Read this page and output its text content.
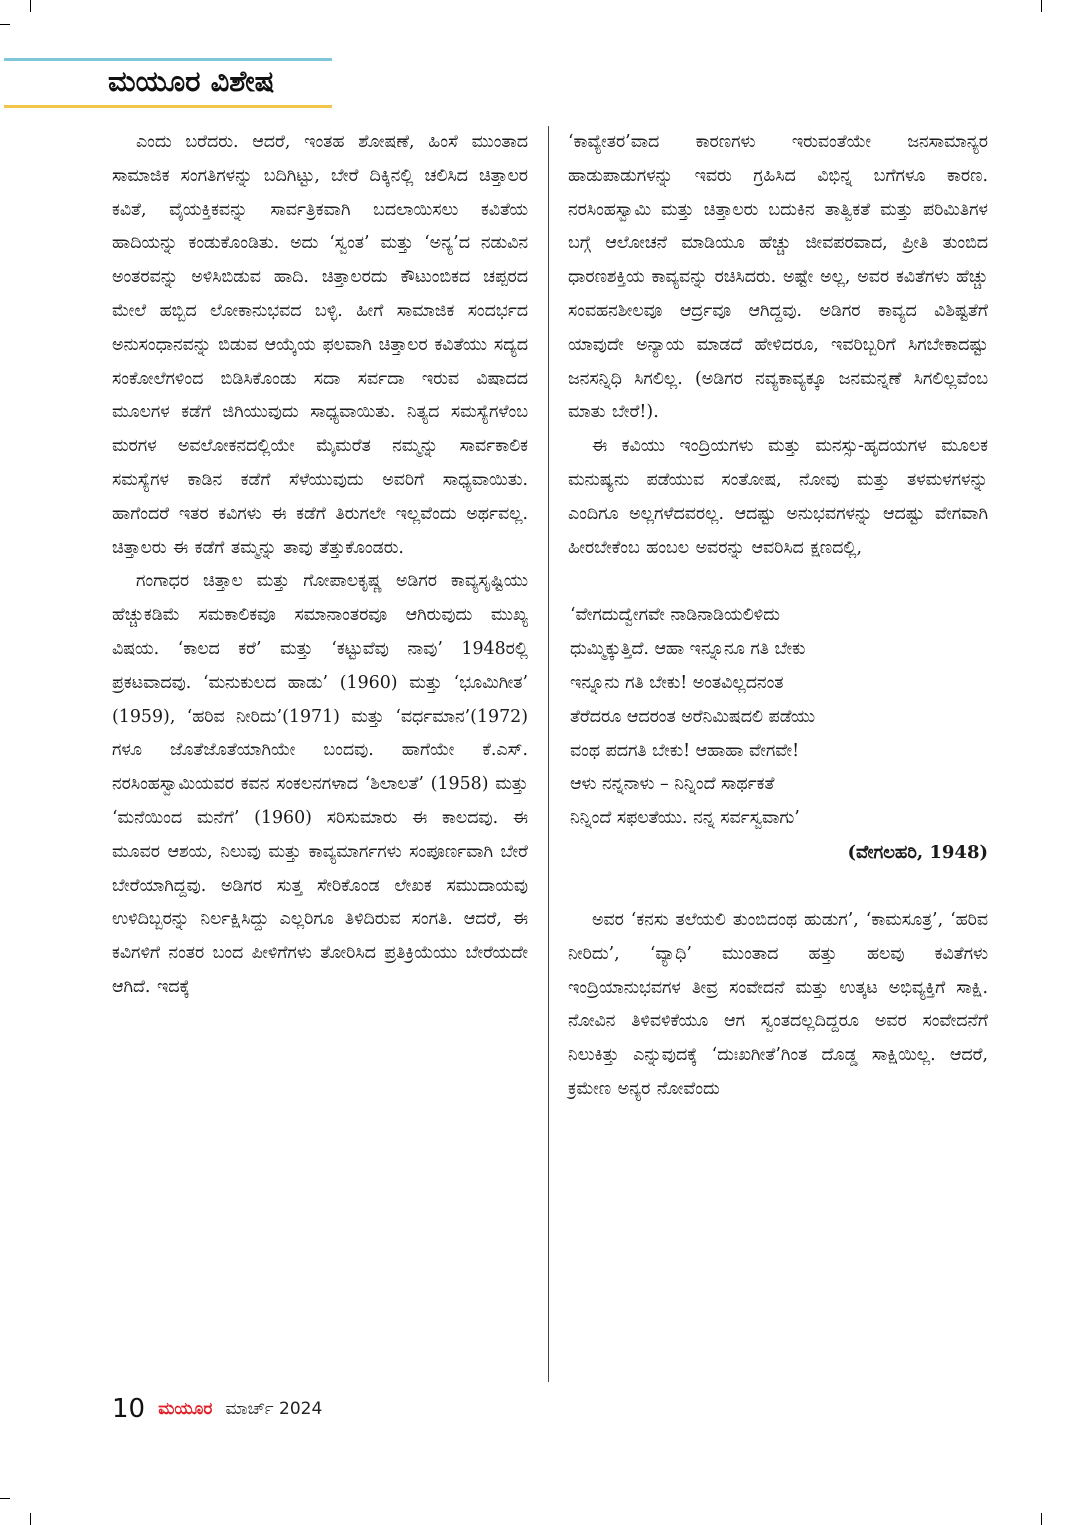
ಮಯೂರ ವಿಶೇಷ

ಎಂದು ಬರೆದರು. ಆದರೆ, ಇಂತಹ ಶೋಷಣೆ, ಹಿಂಸೆ ಮುಂತಾದ ಸಾಮಾಜಿಕ ಸಂಗತಿಗಳನ್ನು ಬದಿಗಿಟ್ಟು, ಬೇರೆ ದಿಕ್ಕಿನಲ್ಲಿ ಚಲಿಸಿದ ಚಿತ್ತಾಲರ ಕವಿತೆ, ವೈಯಕ್ತಿಕವನ್ನು ಸಾರ್ವತ್ರಿಕವಾಗಿ ಬದಲಾಯಿಸಲು ಕವಿತೆಯ ಹಾದಿಯನ್ನು ಕಂಡುಕೊಂಡಿತು. ಅದು ‘ಸ್ವಂತ’ ಮತ್ತು ‘ಅನ್ಯ’ದ ನಡುವಿನ ಅಂತರವನ್ನು ಅಳಿಸಿಬಿಡುವ ಹಾದಿ. ಚಿತ್ತಾಲರದು ಕೌಟುಂಬಿಕದ ಚಪ್ಪರದ ಮೇಲೆ ಹಬ್ಬಿದ ಲೋಕಾನುಭವದ ಬಳ್ಳಿ. ಹೀಗೆ ಸಾಮಾಜಿಕ ಸಂದರ್ಭದ ಅನುಸಂಧಾನವನ್ನು ಬಿಡುವ ಆಯ್ಕೆಯ ಫಲವಾಗಿ ಚಿತ್ತಾಲರ ಕವಿತೆಯು ಸದ್ಯದ ಸಂಕೋಲೆಗಳಿಂದ ಬಿಡಿಸಿಕೊಂಡು ಸದಾ ಸರ್ವದಾ ಇರುವ ವಿಷಾದದ ಮೂಲಗಳ ಕಡೆಗೆ ಜಿಗಿಯುವುದು ಸಾಧ್ಯವಾಯಿತು. ನಿತ್ಯದ ಸಮಸ್ಯೆಗಳೆಂಬ ಮರಗಳ ಅವಲೋಕನದಲ್ಲಿಯೇ ಮೈಮರೆತ ನಮ್ಮನ್ನು ಸಾರ್ವಕಾಲಿಕ ಸಮಸ್ಯೆಗಳ ಕಾಡಿನ ಕಡೆಗೆ ಸೆಳೆಯುವುದು ಅವರಿಗೆ ಸಾಧ್ಯವಾಯಿತು. ಹಾಗೆಂದರೆ ಇತರ ಕವಿಗಳು ಈ ಕಡೆಗೆ ತಿರುಗಲೇ ಇಲ್ಲವೆಂದು ಅರ್ಥವಲ್ಲ. ಚಿತ್ತಾಲರು ಈ ಕಡೆಗೆ ತಮ್ಮನ್ನು ತಾವು ತೆತ್ತುಕೊಂಡರು.

ಗಂಗಾಧರ ಚಿತ್ತಾಲ ಮತ್ತು ಗೋಪಾಲಕೃಷ್ಣ ಅಡಿಗರ ಕಾವ್ಯಸೃಷ್ಟಿಯು ಹೆಚ್ಚುಕಡಿಮೆ ಸಮಕಾಲಿಕವೂ ಸಮಾನಾಂತರವೂ ಆಗಿರುವುದು ಮುಖ್ಯ ವಿಷಯ. ‘ಕಾಲದ ಕರೆ’ ಮತ್ತು ‘ಕಟ್ಟುವೆವು ನಾವು’ 1948ರಲ್ಲಿ ಪ್ರಕಟವಾದವು. ‘ಮನುಕುಲದ ಹಾಡು’ (1960) ಮತ್ತು ‘ಭೂಮಿಗೀತ’ (1959), ‘ಹರಿವ ನೀರಿದು’(1971) ಮತ್ತು ‘ವರ್ಧಮಾನ’(1972) ಗಳೂ ಜೊತೆಜೊತೆಯಾಗಿಯೇ ಬಂದವು. ಹಾಗೆಯೇ ಕೆ.ಎಸ್. ನರಸಿಂಹಸ್ವಾಮಿಯವರ ಕವನ ಸಂಕಲನಗಳಾದ ‘ಶಿಲಾಲತೆ’ (1958) ಮತ್ತು ‘ಮನೆಯಿಂದ ಮನೆಗೆ’ (1960) ಸರಿಸುಮಾರು ಈ ಕಾಲದವು. ಈ ಮೂವರ ಆಶಯ, ನಿಲುವು ಮತ್ತು ಕಾವ್ಯಮಾರ್ಗಗಳು ಸಂಪೂರ್ಣವಾಗಿ ಬೇರೆ ಬೇರೆಯಾಗಿದ್ದವು. ಅಡಿಗರ ಸುತ್ತ ಸೇರಿಕೊಂಡ ಲೇಖಕ ಸಮುದಾಯವು ಉಳಿದಿಬ್ಬರನ್ನು ನಿರ್ಲಕ್ಷಿಸಿದ್ದು ಎಲ್ಲರಿಗೂ ತಿಳಿದಿರುವ ಸಂಗತಿ. ಆದರೆ, ಈ ಕವಿಗಳಿಗೆ ನಂತರ ಬಂದ ಪೀಳಿಗೆಗಳು ತೋರಿಸಿದ ಪ್ರತಿಕ್ರಿಯೆಯು ಬೇರೆಯದೇ ಆಗಿದೆ. ಇದಕ್ಕೆ

‘ಕಾವ್ಯೇತರ’ವಾದ ಕಾರಣಗಳು ಇರುವಂತೆಯೇ ಜನಸಾಮಾನ್ಯರ ಹಾಡುಪಾಡುಗಳನ್ನು ಇವರು ಗ್ರಹಿಸಿದ ವಿಭಿನ್ನ ಬಗೆಗಳೂ ಕಾರಣ. ನರಸಿಂಹಸ್ವಾಮಿ ಮತ್ತು ಚಿತ್ತಾಲರು ಬದುಕಿನ ತಾತ್ವಿಕತೆ ಮತ್ತು ಪರಿಮಿತಿಗಳ ಬಗ್ಗೆ ಆಲೋಚನೆ ಮಾಡಿಯೂ ಹೆಚ್ಚು ಜೀವಪರವಾದ, ಪ್ರೀತಿ ತುಂಬಿದ ಧಾರಣಶಕ್ತಿಯ ಕಾವ್ಯವನ್ನು ರಚಿಸಿದರು. ಅಷ್ಟೇ ಅಲ್ಲ, ಅವರ ಕವಿತೆಗಳು ಹೆಚ್ಚು ಸಂವಹನಶೀಲವೂ ಆರ್ದ್ರವೂ ಆಗಿದ್ದವು. ಅಡಿಗರ ಕಾವ್ಯದ ವಿಶಿಷ್ಟತೆಗೆ ಯಾವುದೇ ಅನ್ಯಾಯ ಮಾಡದೆ ಹೇಳಿದರೂ, ಇವರಿಬ್ಬರಿಗೆ ಸಿಗಬೇಕಾದಷ್ಟು ಜನಸನ್ನಿಧಿ ಸಿಗಲಿಲ್ಲ. (ಅಡಿಗರ ನವ್ಯಕಾವ್ಯಕ್ಕೂ ಜನಮನ್ನಣೆ ಸಿಗಲಿಲ್ಲವೆಂಬ ಮಾತು ಬೇರೆ!).

ಈ ಕವಿಯು ಇಂದ್ರಿಯಗಳು ಮತ್ತು ಮನಸ್ಸು-ಹೃದಯಗಳ ಮೂಲಕ ಮನುಷ್ಯನು ಪಡೆಯುವ ಸಂತೋಷ, ನೋವು ಮತ್ತು ತಳಮಳಗಳನ್ನು ಎಂದಿಗೂ ಅಲ್ಲಗಳೆದವರಲ್ಲ. ಆದಷ್ಟು ಅನುಭವಗಳನ್ನು ಆದಷ್ಟು ವೇಗವಾಗಿ ಹೀರಬೇಕೆಂಬ ಹಂಬಲ ಅವರನ್ನು ಆವರಿಸಿದ ಕ್ಷಣದಲ್ಲಿ,

‘ವೇಗದುದ್ವೇಗವೇ ನಾಡಿನಾಡಿಯಲಿಳಿದು
ಧುಮ್ಮಿಕ್ಕುತ್ತಿದೆ. ಆಹಾ ಇನ್ನೂನೂ ಗತಿ ಬೇಕು
ಇನ್ನೂನು ಗತಿ ಬೇಕು! ಅಂತವಿಲ್ಲದನಂತ
ತೆರೆದರೂ ಆದರಂತ ಅರೆನಿಮಿಷದಲಿ ಪಡೆಯು
ವಂಥ ಪದಗತಿ ಬೇಕು! ಆಹಾಹಾ ವೇಗವೇ!
ಆಳು ನನ್ನನಾಳು – ನಿನ್ನಿಂದೆ ಸಾರ್ಥಕತೆ
ನಿನ್ನಿಂದೆ ಸಫಲತೆಯು. ನನ್ನ ಸರ್ವಸ್ವವಾಗು’
(ವೇಗಲಹರಿ, 1948)

ಅವರ ‘ಕನಸು ತಲೆಯಲಿ ತುಂಬಿದಂಥ ಹುಡುಗ’, ‘ಕಾಮಸೂತ್ರ’, ‘ಹರಿವ ನೀರಿದು’, ‘ವ್ಯಾಧಿ’ ಮುಂತಾದ ಹತ್ತು ಹಲವು ಕವಿತೆಗಳು ಇಂದ್ರಿಯಾನುಭವಗಳ ತೀವ್ರ ಸಂವೇದನೆ ಮತ್ತು ಉತ್ಕಟ ಅಭಿವ್ಯಕ್ತಿಗೆ ಸಾಕ್ಷಿ. ನೋವಿನ ತಿಳಿವಳಿಕೆಯೂ ಆಗ ಸ್ವಂತದಲ್ಲದಿದ್ದರೂ ಅವರ ಸಂವೇದನೆಗೆ ನಿಲುಕಿತ್ತು ಎನ್ನುವುದಕ್ಕೆ ‘ದುಃಖಗೀತೆ’ಗಿಂತ ದೊಡ್ಡ ಸಾಕ್ಷಿಯಿಲ್ಲ. ಆದರೆ, ಕ್ರಮೇಣ ಅನ್ಯರ ನೋವೆಂದು

10 ಮಯೂರ ಮಾರ್ಚ್ 2024
